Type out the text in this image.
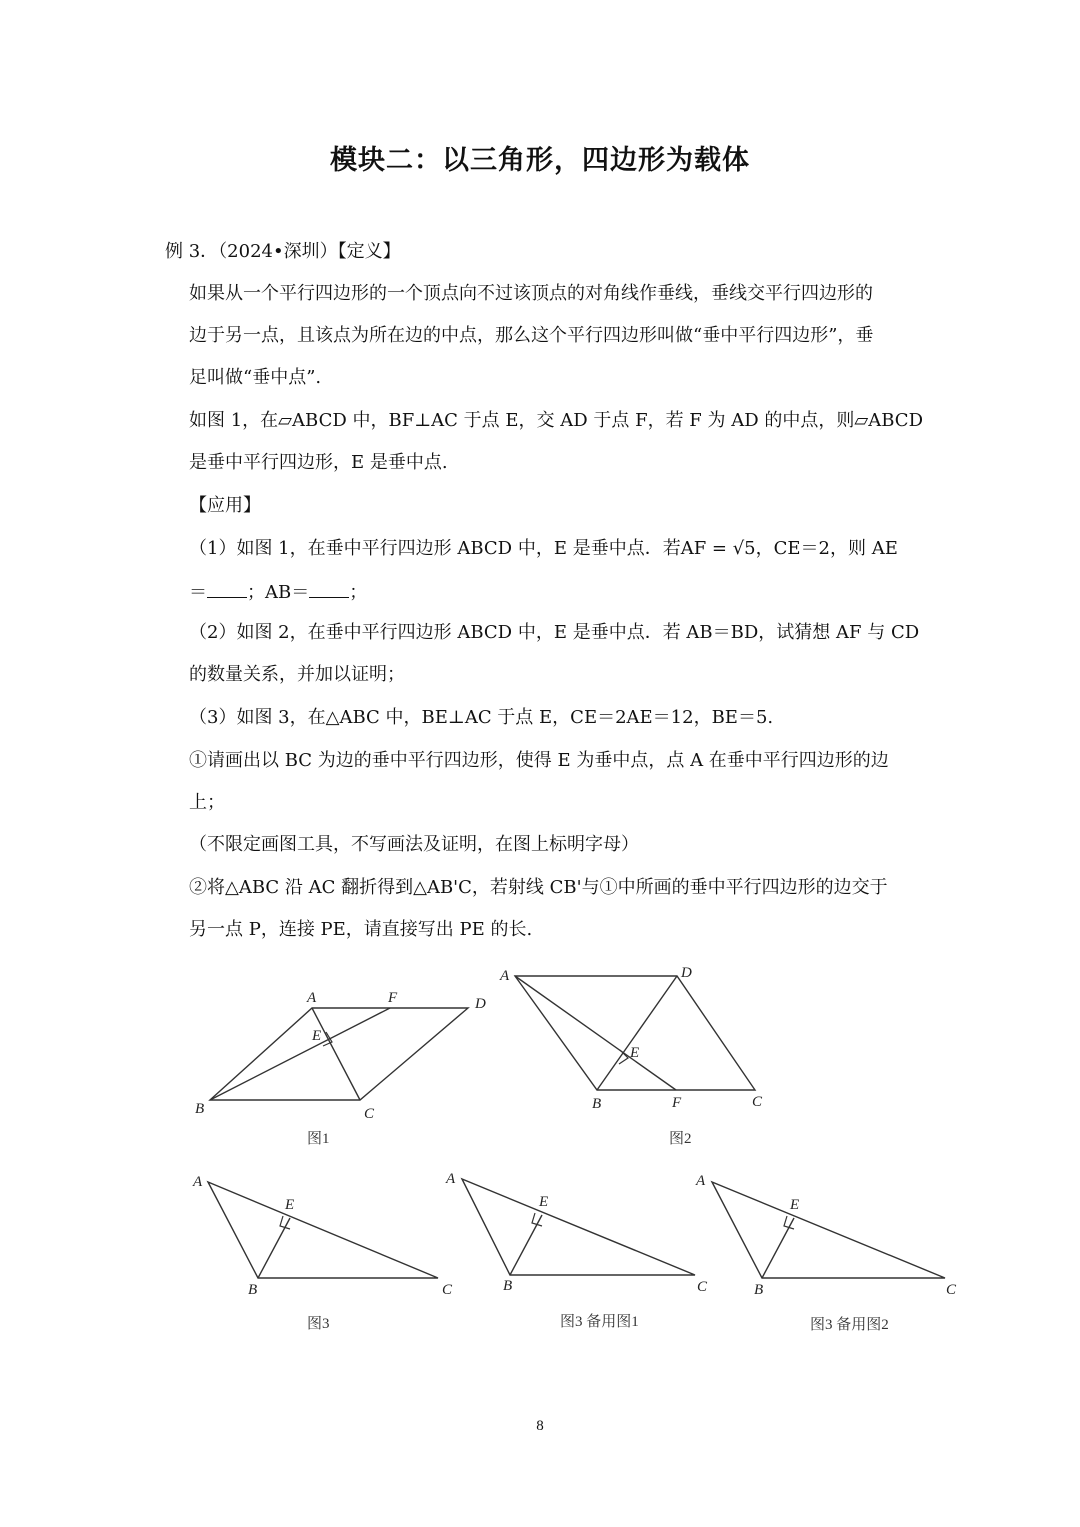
模块二：以三角形，四边形为载体
例 3．（2024•深圳）【定义】
如果从一个平行四边形的一个顶点向不过该顶点的对角线作垂线，垂线交平行四边形的
边于另一点，且该点为所在边的中点，那么这个平行四边形叫做“垂中平行四边形”，垂
足叫做“垂中点”.
如图 1，在▱ABCD 中，BF⊥AC 于点 E，交 AD 于点 F，若 F 为 AD 的中点，则▱ABCD
是垂中平行四边形，E 是垂中点.
【应用】
（1）如图 1，在垂中平行四边形 ABCD 中，E 是垂中点．若AF = √5，CE＝2，则 AE
＝ ；AB＝ ；
（2）如图 2，在垂中平行四边形 ABCD 中，E 是垂中点．若 AB＝BD，试猜想 AF 与 CD
的数量关系，并加以证明；
（3）如图 3，在△ABC 中，BE⊥AC 于点 E，CE＝2AE＝12，BE＝5.
①请画出以 BC 为边的垂中平行四边形，使得 E 为垂中点，点 A 在垂中平行四边形的边
上；
（不限定画图工具，不写画法及证明，在图上标明字母）
②将△ABC 沿 AC 翻折得到△AB'C，若射线 CB'与①中所画的垂中平行四边形的边交于
另一点 P，连接 PE，请直接写出 PE 的长.
A	F	D
E
B	C
图1
A	D
E
B	F	C
图2
A
E
B	C
图3
A
E
B	C
图3 备用图1
A
E
B	C
图3 备用图2
8
